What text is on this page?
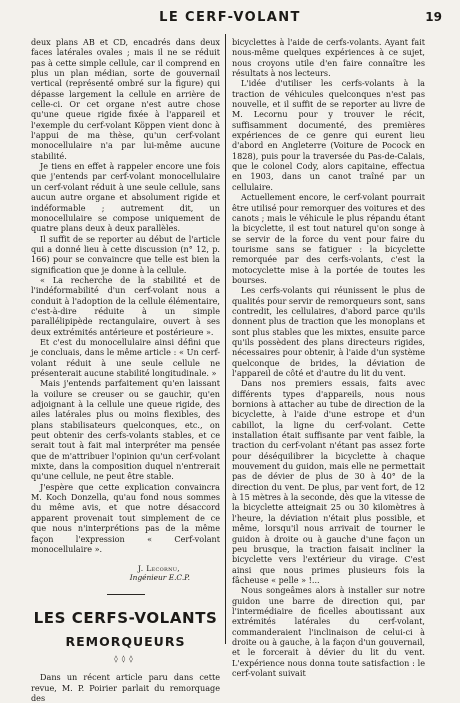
LE CERF-VOLANT	19

deux plans AB et CD, encadrés dans deux faces latérales ovales ; mais il ne se réduit pas à cette simple cellule, car il comprend en plus un plan médian, sorte de gouvernail vertical (représenté ombré sur la figure) qui dépasse largement la cellule en arrière de celle-ci. Or cet organe n'est autre chose qu'une queue rigide fixée à l'appareil et l'exemple du cerf-volant Köppen vient donc à l'appui de ma thèse, qu'un cerf-volant monocellulaire n'a par lui-même aucune stabilité.

Je tiens en effet à rappeler encore une fois que j'entends par cerf-volant monocellulaire un cerf-volant réduit à une seule cellule, sans aucun autre organe et absolument rigide et indéformable ; autrement dit, un monocellulaire se compose uniquement de quatre plans deux à deux parallèles.

Il suffit de se reporter au début de l'article qui a donné lieu à cette discussion (n° 12, p. 166) pour se convaincre que telle est bien la signification que je donne à la cellule.

« La recherche de la stabilité et de l'indéformabilité d'un cerf-volant nous a conduit à l'adoption de la cellule élémentaire, c'est-à-dire réduite à un simple parallélipipède rectangulaire, ouvert à ses deux extrémités antérieure et postérieure ».

Et c'est du monocellulaire ainsi défini que je concluais, dans le même article : « Un cerf-volant réduit à une seule cellule ne présenterait aucune stabilité longitudinale. »

Mais j'entends parfaitement qu'en laissant la voilure se creuser ou se gauchir, qu'en adjoignant à la cellule une queue rigide, des ailes latérales plus ou moins flexibles, des plans stabilisateurs quelconques, etc., on peut obtenir des cerfs-volants stables, et ce serait tout à fait mal interpréter ma pensée que de m'attribuer l'opinion qu'un cerf-volant mixte, dans la composition duquel n'entrerait qu'une cellule, ne peut être stable.

J'espère que cette explication convaincra M. Koch Donzella, qu'au fond nous sommes du même avis, et que notre désaccord apparent provenait tout simplement de ce que nous n'interprétions pas de la même façon l'expression « Cerf-volant monocellulaire ».

J. Lecornu,
Ingénieur E.C.P.
LES CERFS-VOLANTS
REMORQUEURS
◊◊◊

Dans un récent article paru dans cette revue, M. P. Poirier parlait du remorquage des

bicyclettes à l'aide de cerfs-volants. Ayant fait nous-même quelques expériences à ce sujet, nous croyons utile d'en faire connaître les résultats à nos lecteurs.

L'idée d'utiliser les cerfs-volants à la traction de véhicules quelconques n'est pas nouvelle, et il suffit de se reporter au livre de M. Lecornu pour y trouver le récit, suffisamment documenté, des premières expériences de ce genre qui eurent lieu d'abord en Angleterre (Voiture de Pocock en 1828), puis pour la traversée du Pas-de-Calais, que le colonel Cody, alors capitaine, effectua en 1903, dans un canot traîné par un cellulaire.

Actuellement encore, le cerf-volant pourrait être utilisé pour remorquer des voitures et des canots ; mais le véhicule le plus répandu étant la bicyclette, il est tout naturel qu'on songe à se servir de la force du vent pour faire du tourisme sans se fatiguer : la bicyclette remorquée par des cerfs-volants, c'est la motocyclette mise à la portée de toutes les bourses.

Les cerfs-volants qui réunissent le plus de qualités pour servir de remorqueurs sont, sans contredit, les cellulaires, d'abord parce qu'ils donnent plus de traction que les monoplans et sont plus stables que les mixtes, ensuite parce qu'ils possèdent des plans directeurs rigides, nécessaires pour obtenir, à l'aide d'un système quelconque de brides, la déviation de l'appareil de côté et d'autre du lit du vent.

Dans nos premiers essais, faits avec différents types d'appareils, nous nous bornions à attacher au tube de direction de la bicyclette, à l'aide d'une estrope et d'un cabillot, la ligne du cerf-volant. Cette installation était suffisante par vent faible, la traction du cerf-volant n'étant pas assez forte pour déséquilibrer la bicyclette à chaque mouvement du guidon, mais elle ne permettait pas de dévier de plus de 30 à 40° de la direction du vent. De plus, par vent fort, de 12 à 15 mètres à la seconde, dès que la vitesse de la bicyclette atteignait 25 ou 30 kilomètres à l'heure, la déviation n'était plus possible, et même, lorsqu'il nous arrivait de tourner le guidon à droite ou à gauche d'une façon un peu brusque, la traction faisait incliner la bicyclette vers l'extérieur du virage. C'est ainsi que nous primes plusieurs fois la fâcheuse « pelle » !...

Nous songeâmes alors à installer sur notre guidon une barre de direction qui, par l'intermédiaire de ficelles aboutissant aux extrémités latérales du cerf-volant, commanderaient l'inclinaison de celui-ci à droite ou à gauche, à la façon d'un gouvernail, et le forcerait à dévier du lit du vent. L'expérience nous donna toute satisfaction : le cerf-volant suivait
